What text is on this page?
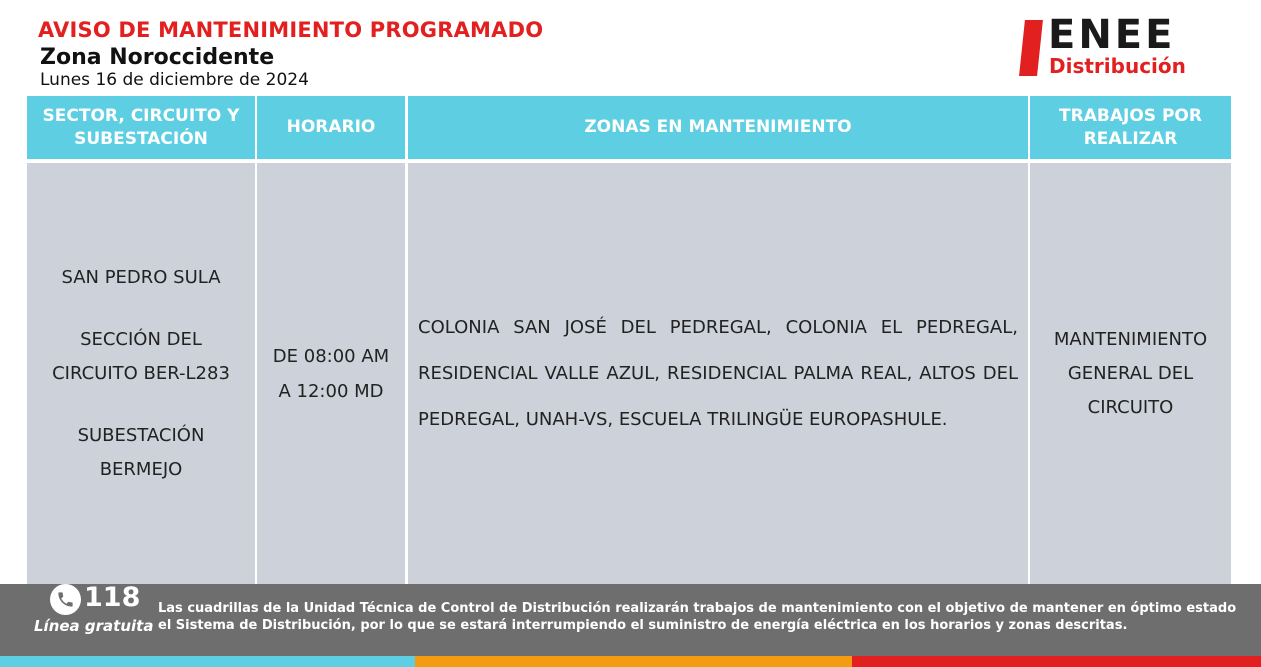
AVISO DE MANTENIMIENTO PROGRAMADO
Zona Noroccidente
Lunes 16 de diciembre de 2024
ENEE
Distribución
SECTOR, CIRCUITO Y SUBESTACIÓN
HORARIO	ZONAS EN MANTENIMIENTO
TRABAJOS POR REALIZAR
SAN PEDRO SULA
SECCIÓN DEL
CIRCUITO BER-L283
SUBESTACIÓN
BERMEJO
DE 08:00 AM
A 12:00 MD
COLONIA SAN JOSÉ DEL PEDREGAL, COLONIA EL PEDREGAL, RESIDENCIAL VALLE AZUL, RESIDENCIAL PALMA REAL, ALTOS DEL PEDREGAL, UNAH-VS, ESCUELA TRILINGÜE EUROPASHULE.
MANTENIMIENTO GENERAL DEL CIRCUITO
118
Línea gratuita
Las cuadrillas de la Unidad Técnica de Control de Distribución realizarán trabajos de mantenimiento con el objetivo de mantener en óptimo estado el Sistema de Distribución, por lo que se estará interrumpiendo el suministro de energía eléctrica en los horarios y zonas descritas.
